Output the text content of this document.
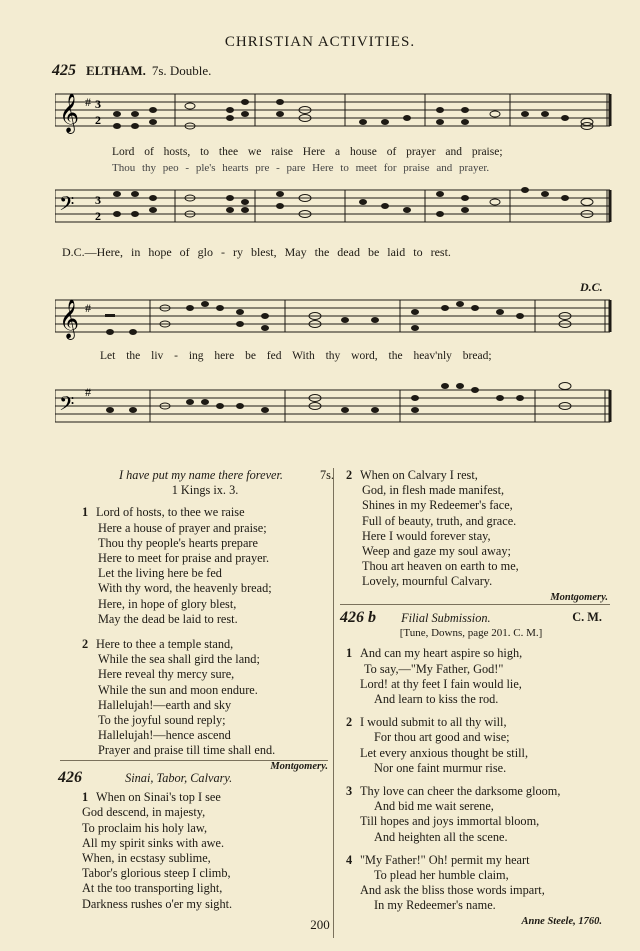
CHRISTIAN ACTIVITIES.
425 ELTHAM. 7s. Double.
𝄞 # 3
2
Lord of hosts, to thee we raise Here a house of prayer and praise;
Thou thy peo - ple's hearts pre - pare Here to meet for praise and prayer.
𝄢 3
2
D.C.—Here, in hope of glo - ry blest, May the dead be laid to rest.
D.C.
𝄞 #
Let the liv - ing here be fed With thy word, the heav'nly bread;
𝄢 #
I have put my name there forever.	7s.
1 Kings ix. 3.
1 Lord of hosts, to thee we raise
Here a house of prayer and praise;
Thou thy people's hearts prepare
Here to meet for praise and prayer.
Let the living here be fed
With thy word, the heavenly bread;
Here, in hope of glory blest,
May the dead be laid to rest.
2 Here to thee a temple stand,
While the sea shall gird the land;
Here reveal thy mercy sure,
While the sun and moon endure.
Hallelujah!—earth and sky
To the joyful sound reply;
Hallelujah!—hence ascend
Prayer and praise till time shall end.
Montgomery.
426	Sinai, Tabor, Calvary.
1 When on Sinai's top I see
God descend, in majesty,
To proclaim his holy law,
All my spirit sinks with awe.
When, in ecstasy sublime,
Tabor's glorious steep I climb,
At the too transporting light,
Darkness rushes o'er my sight.
2 When on Calvary I rest,
God, in flesh made manifest,
Shines in my Redeemer's face,
Full of beauty, truth, and grace.
Here I would forever stay,
Weep and gaze my soul away;
Thou art heaven on earth to me,
Lovely, mournful Calvary.
Montgomery.
426 b Filial Submission.	C. M.
[Tune, Downs, page 201. C. M.]
1 And can my heart aspire so high,
To say,—"My Father, God!"
Lord! at thy feet I fain would lie,
And learn to kiss the rod.
2 I would submit to all thy will,
For thou art good and wise;
Let every anxious thought be still,
Nor one faint murmur rise.
3 Thy love can cheer the darksome gloom,
And bid me wait serene,
Till hopes and joys immortal bloom,
And heighten all the scene.
4 "My Father!" Oh! permit my heart
To plead her humble claim,
And ask the bliss those words impart,
In my Redeemer's name.
Anne Steele, 1760.
200
